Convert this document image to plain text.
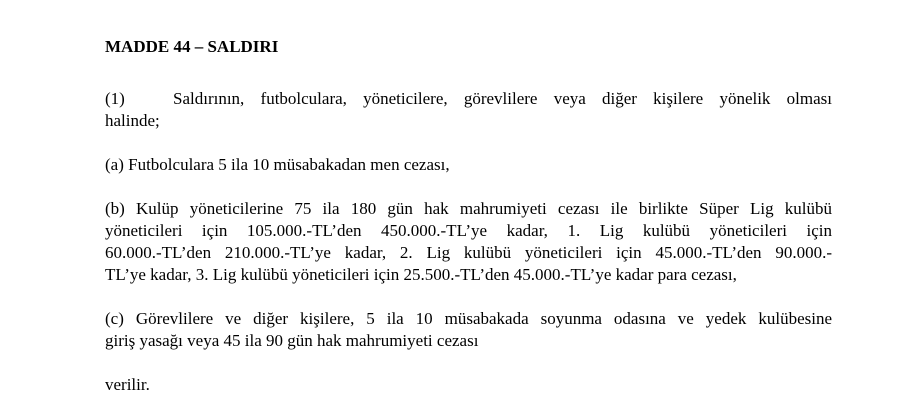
MADDE 44 – SALDIRI
(1)	Saldırının, futbolculara, yöneticilere, görevlilere veya diğer kişilere yönelik olması
halinde;
(a) Futbolculara 5 ila 10 müsabakadan men cezası,
(b) Kulüp yöneticilerine 75 ila 180 gün hak mahrumiyeti cezası ile birlikte Süper Lig kulübü
yöneticileri için 105.000.-TL’den 450.000.-TL’ye kadar, 1. Lig kulübü yöneticileri için
60.000.-TL’den 210.000.-TL’ye kadar, 2. Lig kulübü yöneticileri için 45.000.-TL’den 90.000.-
TL’ye kadar, 3. Lig kulübü yöneticileri için 25.500.-TL’den 45.000.-TL’ye kadar para cezası,
(c) Görevlilere ve diğer kişilere, 5 ila 10 müsabakada soyunma odasına ve yedek kulübesine
giriş yasağı veya 45 ila 90 gün hak mahrumiyeti cezası
verilir.
